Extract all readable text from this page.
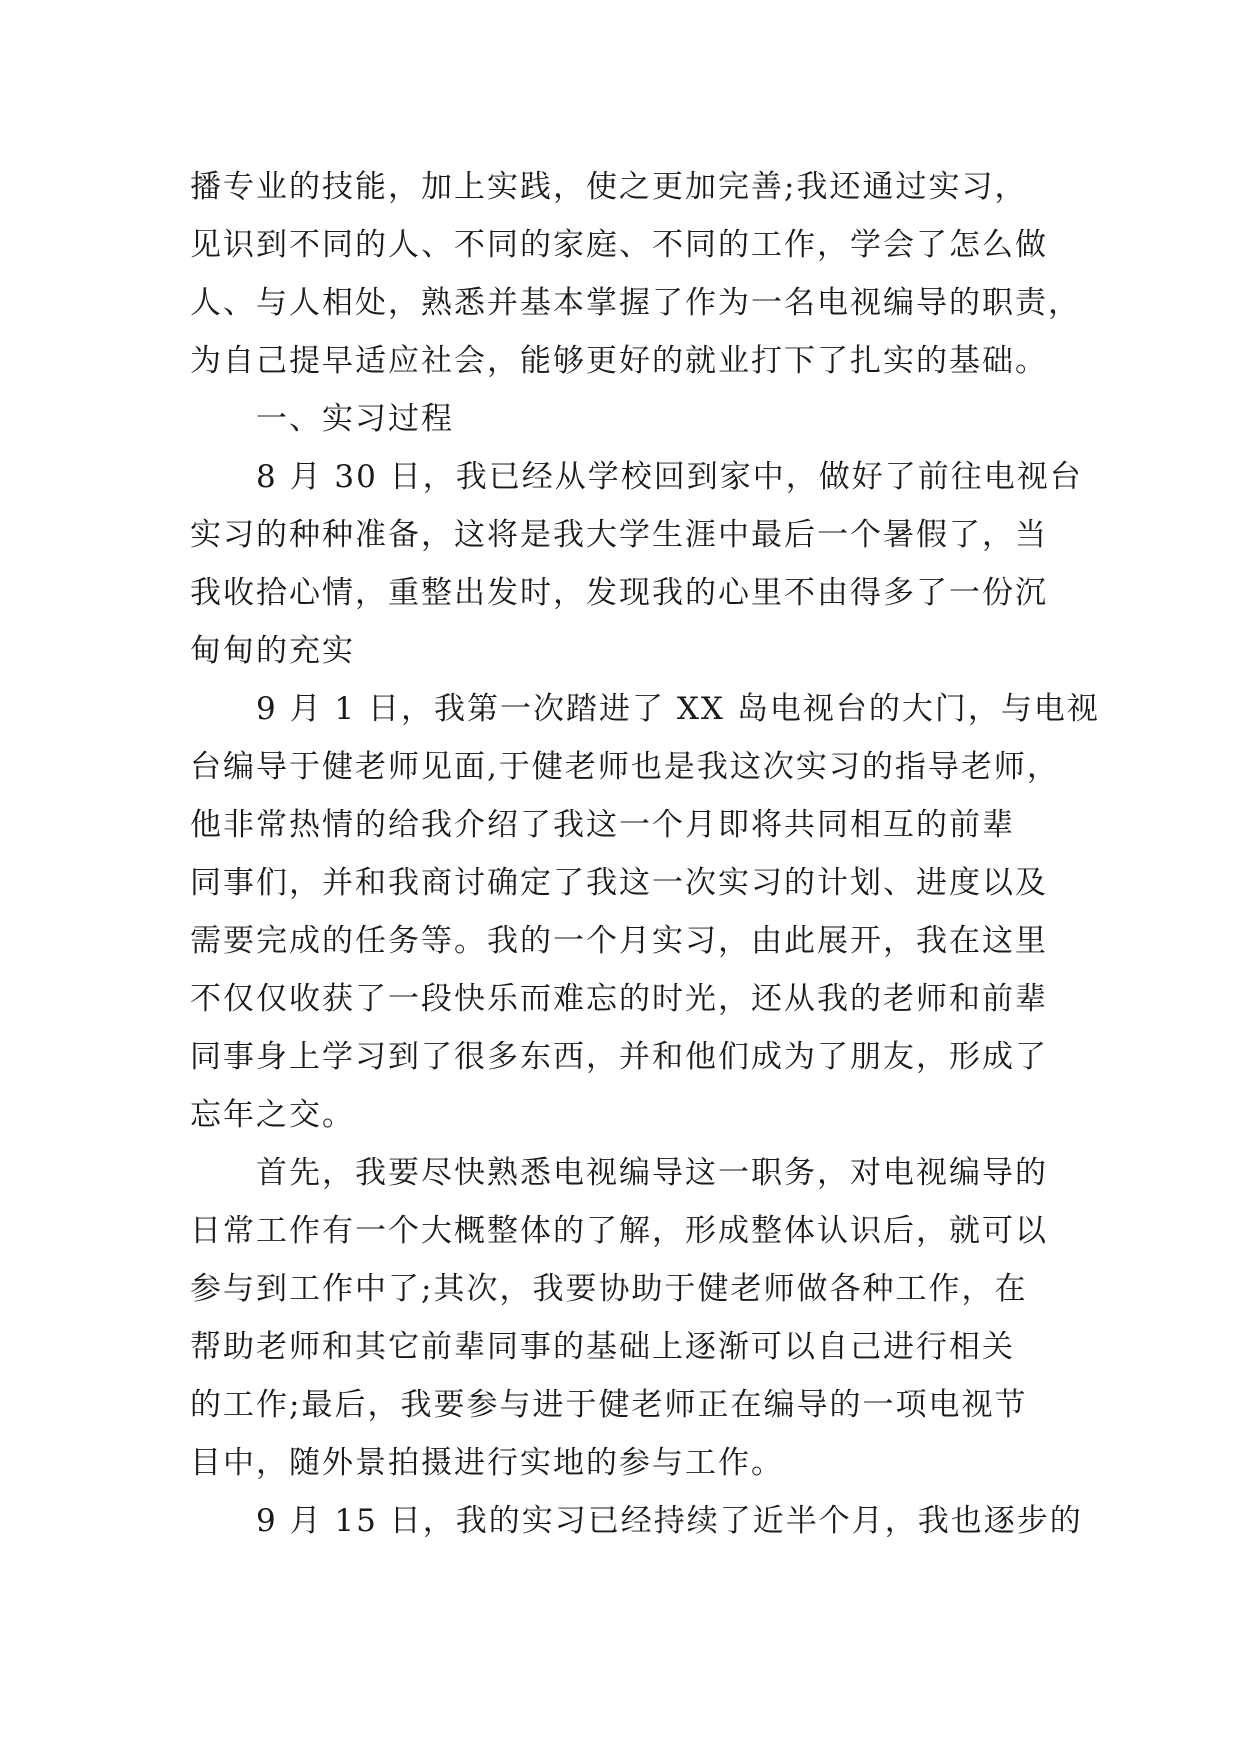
播专业的技能，加上实践，使之更加完善;我还通过实习，
见识到不同的人、不同的家庭、不同的工作，学会了怎么做
人、与人相处，熟悉并基本掌握了作为一名电视编导的职责，
为自己提早适应社会，能够更好的就业打下了扎实的基础。
一、实习过程
8 月 30 日，我已经从学校回到家中，做好了前往电视台
实习的种种准备，这将是我大学生涯中最后一个暑假了，当
我收拾心情，重整出发时，发现我的心里不由得多了一份沉
甸甸的充实
9 月 1 日，我第一次踏进了 XX 岛电视台的大门，与电视
台编导于健老师见面,于健老师也是我这次实习的指导老师，
他非常热情的给我介绍了我这一个月即将共同相互的前辈
同事们，并和我商讨确定了我这一次实习的计划、进度以及
需要完成的任务等。我的一个月实习，由此展开，我在这里
不仅仅收获了一段快乐而难忘的时光，还从我的老师和前辈
同事身上学习到了很多东西，并和他们成为了朋友，形成了
忘年之交。
首先，我要尽快熟悉电视编导这一职务，对电视编导的
日常工作有一个大概整体的了解，形成整体认识后，就可以
参与到工作中了;其次，我要协助于健老师做各种工作，在
帮助老师和其它前辈同事的基础上逐渐可以自己进行相关
的工作;最后，我要参与进于健老师正在编导的一项电视节
目中，随外景拍摄进行实地的参与工作。
9 月 15 日，我的实习已经持续了近半个月，我也逐步的
